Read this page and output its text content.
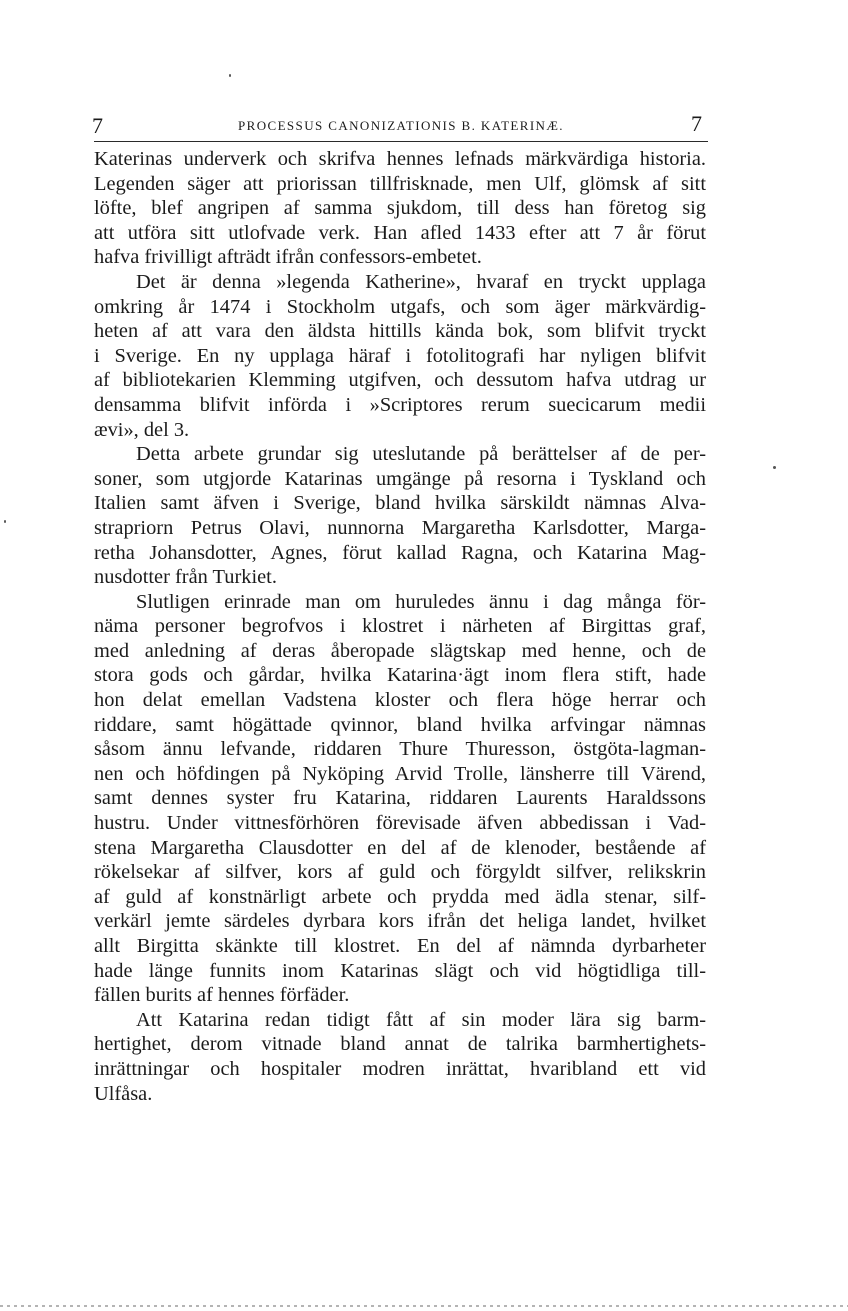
7	PROCESSUS CANONIZATIONIS B. KATERINÆ.	7
Katerinas underverk och skrifva hennes lefnads märkvärdiga historia.
Legenden säger att priorissan tillfrisknade, men Ulf, glömsk af sitt
löfte, blef angripen af samma sjukdom, till dess han företog sig
att utföra sitt utlofvade verk. Han afled 1433 efter att 7 år förut
hafva frivilligt afträdt ifrån confessors-embetet.
Det är denna »legenda Katherine», hvaraf en tryckt upplaga
omkring år 1474 i Stockholm utgafs, och som äger märkvärdig-
heten af att vara den äldsta hittills kända bok, som blifvit tryckt
i Sverige. En ny upplaga häraf i fotolitografi har nyligen blifvit
af bibliotekarien Klemming utgifven, och dessutom hafva utdrag ur
densamma blifvit införda i »Scriptores rerum suecicarum medii
ævi», del 3.
Detta arbete grundar sig uteslutande på berättelser af de per-
soner, som utgjorde Katarinas umgänge på resorna i Tyskland och
Italien samt äfven i Sverige, bland hvilka särskildt nämnas Alva-
strapriorn Petrus Olavi, nunnorna Margaretha Karlsdotter, Marga-
retha Johansdotter, Agnes, förut kallad Ragna, och Katarina Mag-
nusdotter från Turkiet.
Slutligen erinrade man om huruledes ännu i dag många för-
näma personer begrofvos i klostret i närheten af Birgittas graf,
med anledning af deras åberopade slägtskap med henne, och de
stora gods och gårdar, hvilka Katarina·ägt inom flera stift, hade
hon delat emellan Vadstena kloster och flera höge herrar och
riddare, samt högättade qvinnor, bland hvilka arfvingar nämnas
såsom ännu lefvande, riddaren Thure Thuresson, östgöta-lagman-
nen och höfdingen på Nyköping Arvid Trolle, länsherre till Värend,
samt dennes syster fru Katarina, riddaren Laurents Haraldssons
hustru. Under vittnesförhören förevisade äfven abbedissan i Vad-
stena Margaretha Clausdotter en del af de klenoder, bestående af
rökelsekar af silfver, kors af guld och förgyldt silfver, relikskrin
af guld af konstnärligt arbete och prydda med ädla stenar, silf-
verkärl jemte särdeles dyrbara kors ifrån det heliga landet, hvilket
allt Birgitta skänkte till klostret. En del af nämnda dyrbarheter
hade länge funnits inom Katarinas slägt och vid högtidliga till-
fällen burits af hennes förfäder.
Att Katarina redan tidigt fått af sin moder lära sig barm-
hertighet, derom vitnade bland annat de talrika barmhertighets-
inrättningar och hospitaler modren inrättat, hvaribland ett vid
Ulfåsa.
